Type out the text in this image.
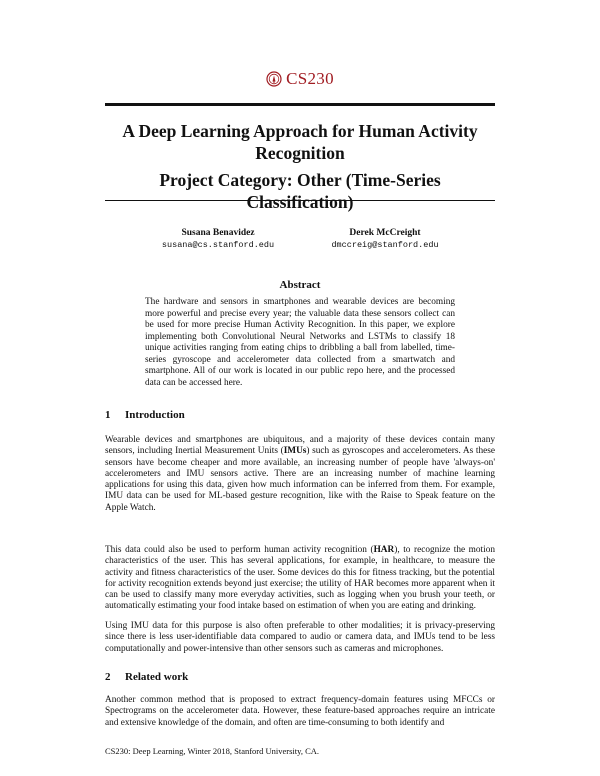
CS230
A Deep Learning Approach for Human Activity Recognition
Project Category: Other (Time-Series Classification)
Susana Benavidez
susana@cs.stanford.edu
Derek McCreight
dmccreig@stanford.edu
Abstract
The hardware and sensors in smartphones and wearable devices are becoming more powerful and precise every year; the valuable data these sensors collect can be used for more precise Human Activity Recognition. In this paper, we explore implementing both Convolutional Neural Networks and LSTMs to classify 18 unique activities ranging from eating chips to dribbling a ball from labelled, time-series gyroscope and accelerometer data collected from a smartwatch and smartphone. All of our work is located in our public repo here, and the processed data can be accessed here.
1 Introduction

Wearable devices and smartphones are ubiquitous, and a majority of these devices contain many sensors, including Inertial Measurement Units (IMUs) such as gyroscopes and accelerometers. As these sensors have become cheaper and more available, an increasing number of people have 'always-on' accelerometers and IMU sensors active. There are an increasing number of machine learning applications for using this data, given how much information can be inferred from them. For example, IMU data can be used for ML-based gesture recognition, like with the Raise to Speak feature on the Apple Watch.

This data could also be used to perform human activity recognition (HAR), to recognize the motion characteristics of the user. This has several applications, for example, in healthcare, to measure the activity and fitness characteristics of the user. Some devices do this for fitness tracking, but the potential for activity recognition extends beyond just exercise; the utility of HAR becomes more apparent when it can be used to classify many more everyday activities, such as logging when you brush your teeth, or automatically estimating your food intake based on estimation of when you are eating and drinking.

Using IMU data for this purpose is also often preferable to other modalities; it is privacy-preserving since there is less user-identifiable data compared to audio or camera data, and IMUs tend to be less computationally and power-intensive than other sensors such as cameras and microphones.

2 Related work

Another common method that is proposed to extract frequency-domain features using MFCCs or Spectrograms on the accelerometer data. However, these feature-based approaches require an intricate and extensive knowledge of the domain, and often are time-consuming to both identify and

CS230: Deep Learning, Winter 2018, Stanford University, CA.
